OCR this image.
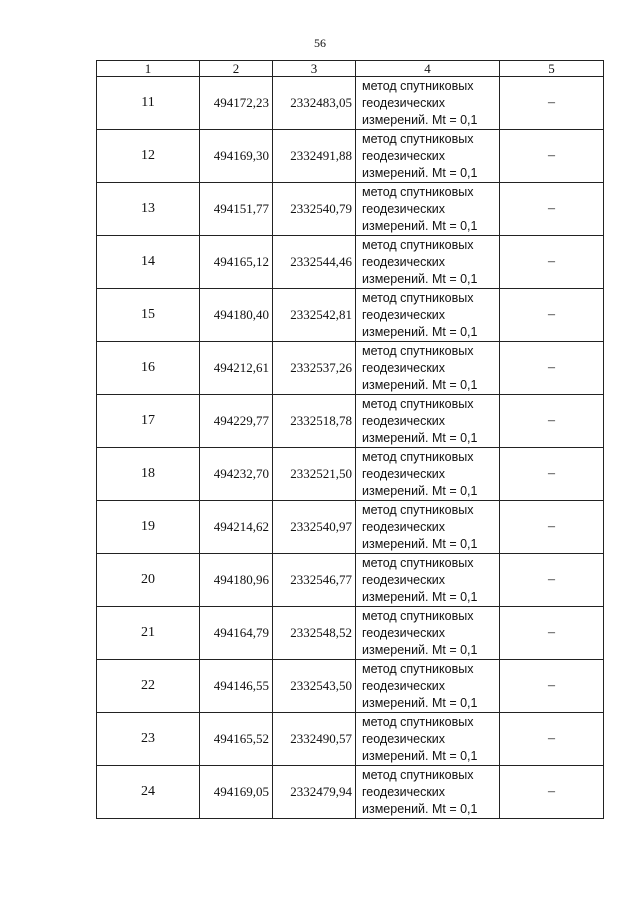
56
1	2	3	4	5
11	494172,23	2332483,05	метод спутниковых
геодезических
измерений. Mt = 0,1	–
12	494169,30	2332491,88	метод спутниковых
геодезических
измерений. Mt = 0,1	–
13	494151,77	2332540,79	метод спутниковых
геодезических
измерений. Mt = 0,1	–
14	494165,12	2332544,46	метод спутниковых
геодезических
измерений. Mt = 0,1	–
15	494180,40	2332542,81	метод спутниковых
геодезических
измерений. Mt = 0,1	–
16	494212,61	2332537,26	метод спутниковых
геодезических
измерений. Mt = 0,1	–
17	494229,77	2332518,78	метод спутниковых
геодезических
измерений. Mt = 0,1	–
18	494232,70	2332521,50	метод спутниковых
геодезических
измерений. Mt = 0,1	–
19	494214,62	2332540,97	метод спутниковых
геодезических
измерений. Mt = 0,1	–
20	494180,96	2332546,77	метод спутниковых
геодезических
измерений. Mt = 0,1	–
21	494164,79	2332548,52	метод спутниковых
геодезических
измерений. Mt = 0,1	–
22	494146,55	2332543,50	метод спутниковых
геодезических
измерений. Mt = 0,1	–
23	494165,52	2332490,57	метод спутниковых
геодезических
измерений. Mt = 0,1	–
24	494169,05	2332479,94	метод спутниковых
геодезических
измерений. Mt = 0,1	–
